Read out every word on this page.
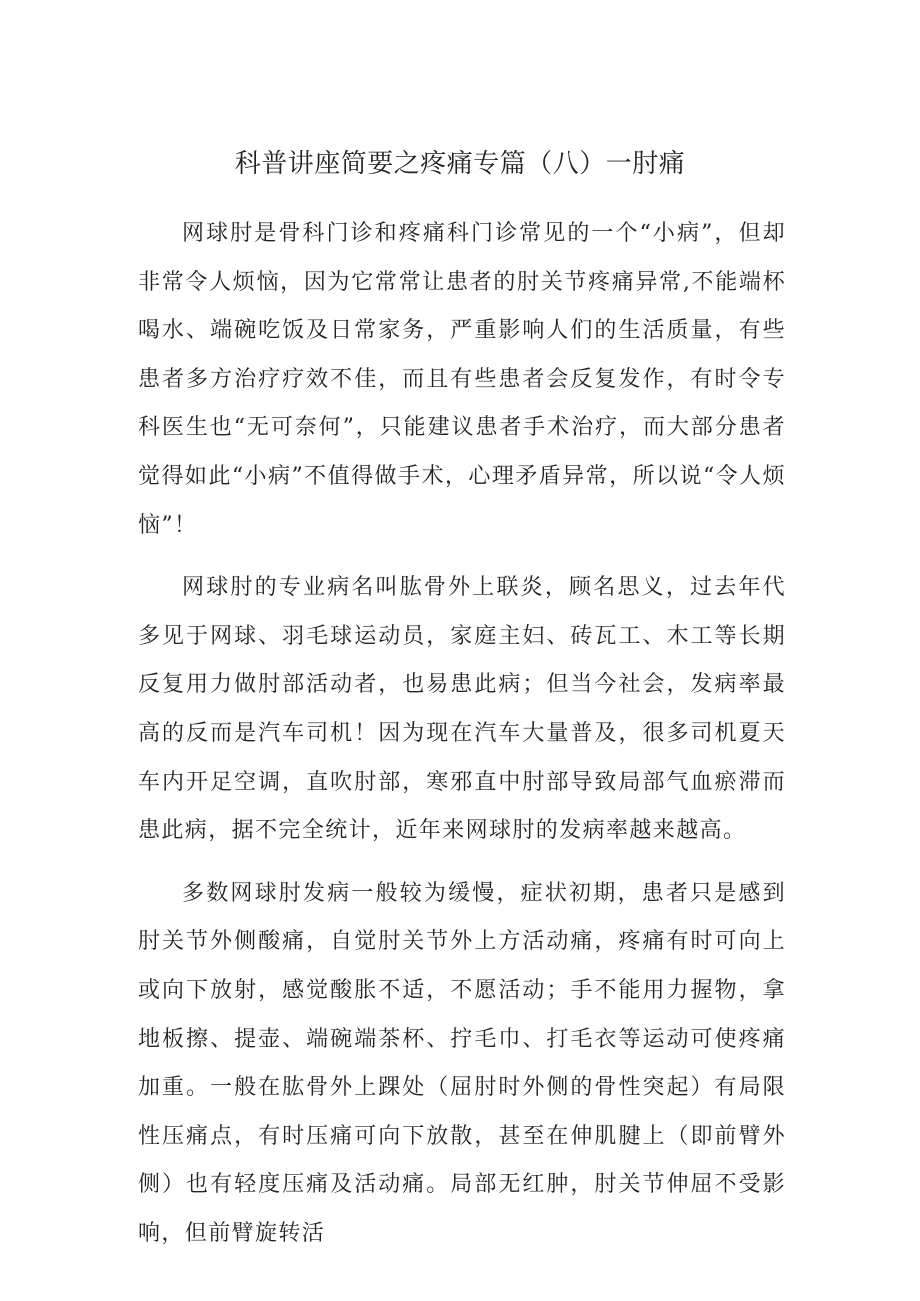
科普讲座简要之疼痛专篇（八）一肘痛

网球肘是骨科门诊和疼痛科门诊常见的一个“小病”，但却非常令人烦恼，因为它常常让患者的肘关节疼痛异常,不能端杯喝水、端碗吃饭及日常家务，严重影响人们的生活质量，有些患者多方治疗疗效不佳，而且有些患者会反复发作，有时令专科医生也“无可奈何”，只能建议患者手术治疗，而大部分患者觉得如此“小病”不值得做手术，心理矛盾异常，所以说“令人烦恼”！

网球肘的专业病名叫肱骨外上联炎，顾名思义，过去年代多见于网球、羽毛球运动员，家庭主妇、砖瓦工、木工等长期反复用力做肘部活动者，也易患此病；但当今社会，发病率最高的反而是汽车司机！因为现在汽车大量普及，很多司机夏天车内开足空调，直吹肘部，寒邪直中肘部导致局部气血瘀滞而患此病，据不完全统计，近年来网球肘的发病率越来越高。

多数网球肘发病一般较为缓慢，症状初期，患者只是感到肘关节外侧酸痛，自觉肘关节外上方活动痛，疼痛有时可向上或向下放射，感觉酸胀不适，不愿活动；手不能用力握物，拿地板擦、提壶、端碗端茶杯、拧毛巾、打毛衣等运动可使疼痛加重。一般在肱骨外上踝处（屈肘时外侧的骨性突起）有局限性压痛点，有时压痛可向下放散，甚至在伸肌腱上（即前臂外侧）也有轻度压痛及活动痛。局部无红肿，肘关节伸屈不受影响，但前臂旋转活
